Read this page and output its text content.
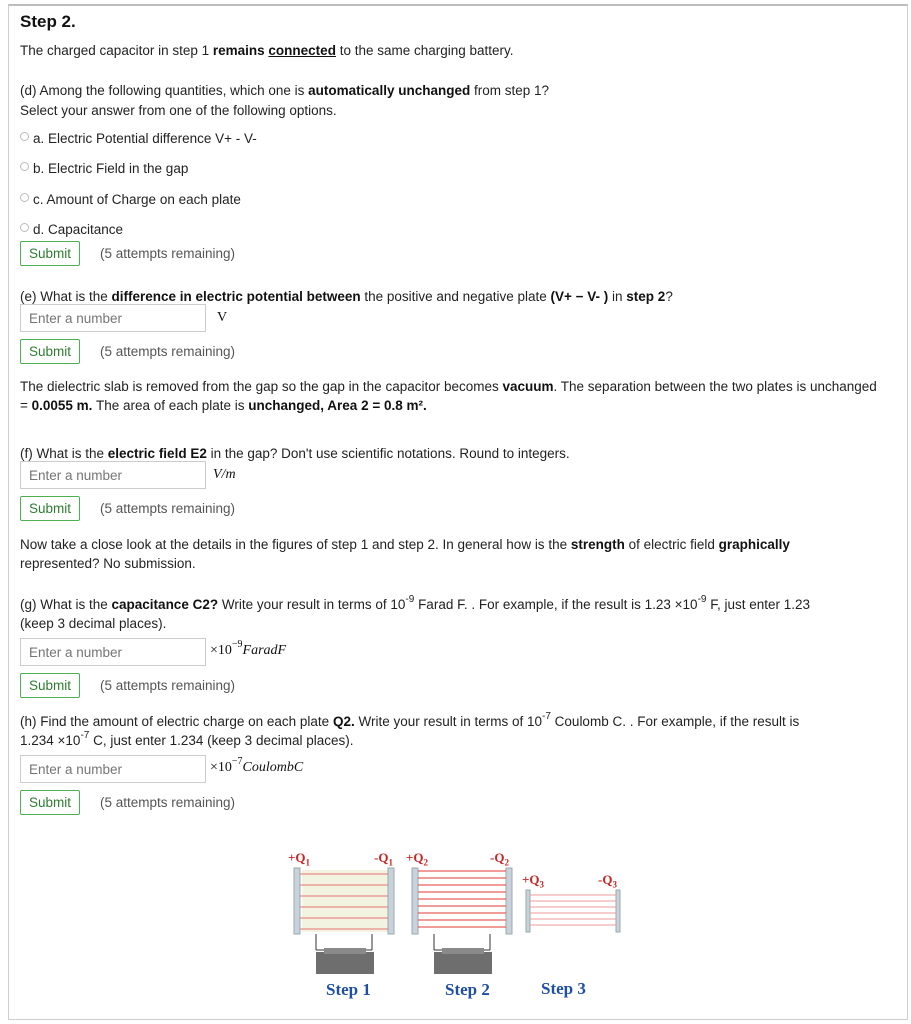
Step 2.
The charged capacitor in step 1 remains connected to the same charging battery.
(d) Among the following quantities, which one is automatically unchanged from step 1?
Select your answer from one of the following options.
a. Electric Potential difference V+ - V-
b. Electric Field in the gap
c. Amount of Charge on each plate
d. Capacitance
Submit	(5 attempts remaining)
(e) What is the difference in electric potential between the positive and negative plate (V+ − V- ) in step 2?
Enter a number
V
Submit	(5 attempts remaining)
The dielectric slab is removed from the gap so the gap in the capacitor becomes vacuum. The separation between the two plates is unchanged = 0.0055 m. The area of each plate is unchanged, Area 2 = 0.8 m².
(f) What is the electric field E2 in the gap? Don't use scientific notations. Round to integers.
Enter a number
V/m
Submit	(5 attempts remaining)
Now take a close look at the details in the figures of step 1 and step 2. In general how is the strength of electric field graphically
represented? No submission.
(g) What is the capacitance C2? Write your result in terms of $10^{-9}$ Farad F. . For example, if the result is $1.23 \times 10^{-9}$ F, just enter 1.23
(keep 3 decimal places).
Enter a number
$\times 10^{-9}FaradF$
Submit	(5 attempts remaining)
(h) Find the amount of electric charge on each plate Q2. Write your result in terms of $10^{-7}$ Coulomb C. . For example, if the result is
$1.234 \times 10^{-7}$ C, just enter 1.234 (keep 3 decimal places).
Enter a number
$\times 10^{-7}CoulombC$
Submit	(5 attempts remaining)
$+Q_1$	$-Q_1 +Q_2$	$-Q_2$
$+Q_3$	$-Q_3$
Step 1	Step 2	Step 3
